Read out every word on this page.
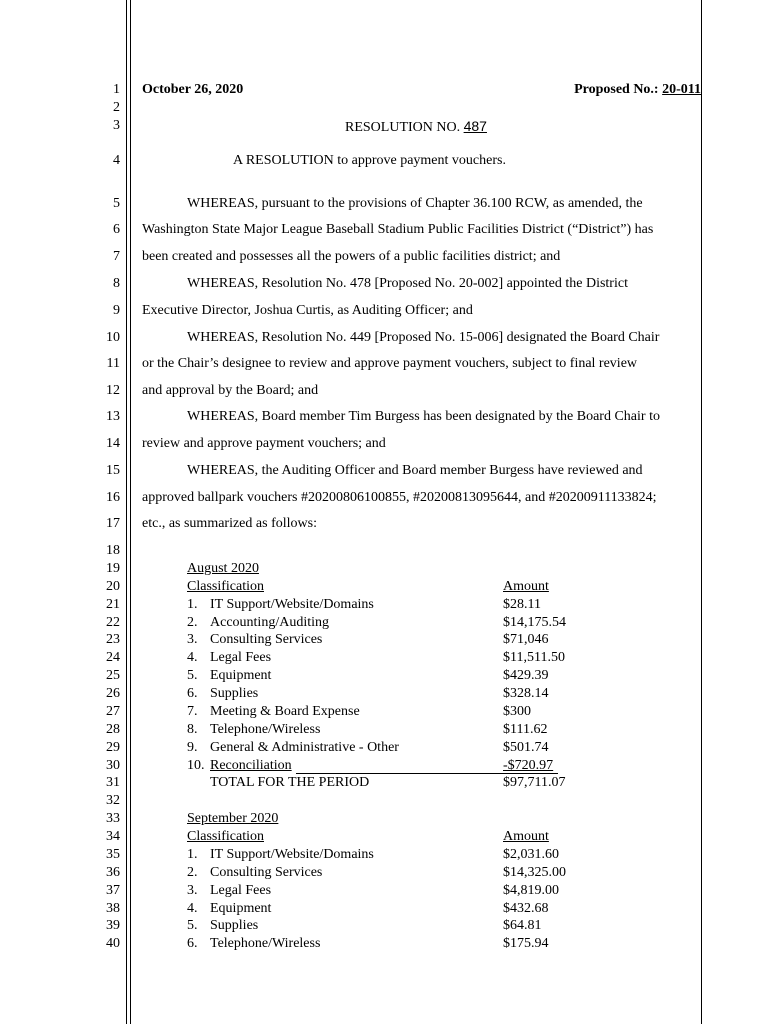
1
2
3
4
5
6
7
8
9
10
11
12
13
14
15
16
17
18
19
20
21
22
23
24
25
26
27
28
29
30
31
32
33
34
35
36
37
38
39
40
October 26, 2020	Proposed No.: 20-011
RESOLUTION NO. 487
A RESOLUTION to approve payment vouchers.
WHEREAS, pursuant to the provisions of Chapter 36.100 RCW, as amended, the
Washington State Major League Baseball Stadium Public Facilities District (“District”) has
been created and possesses all the powers of a public facilities district; and
WHEREAS, Resolution No. 478 [Proposed No. 20-002] appointed the District
Executive Director, Joshua Curtis, as Auditing Officer; and
WHEREAS, Resolution No. 449 [Proposed No. 15-006] designated the Board Chair
or the Chair’s designee to review and approve payment vouchers, subject to final review
and approval by the Board; and
WHEREAS, Board member Tim Burgess has been designated by the Board Chair to
review and approve payment vouchers; and
WHEREAS, the Auditing Officer and Board member Burgess have reviewed and
approved ballpark vouchers #20200806100855, #20200813095644, and #20200911133824;
etc., as summarized as follows:
August 2020
Classification	Amount
1. IT Support/Website/Domains	$28.11
2. Accounting/Auditing	$14,175.54
3. Consulting Services	$71,046
4. Legal Fees	$11,511.50
5. Equipment	$429.39
6. Supplies	$328.14
7. Meeting & Board Expense	$300
8. Telephone/Wireless	$111.62
9. General & Administrative - Other	$501.74
10. Reconciliation	-$720.97
TOTAL FOR THE PERIOD	$97,711.07
September 2020
Classification	Amount
1. IT Support/Website/Domains	$2,031.60
2. Consulting Services	$14,325.00
3. Legal Fees	$4,819.00
4. Equipment	$432.68
5. Supplies	$64.81
6. Telephone/Wireless	$175.94
